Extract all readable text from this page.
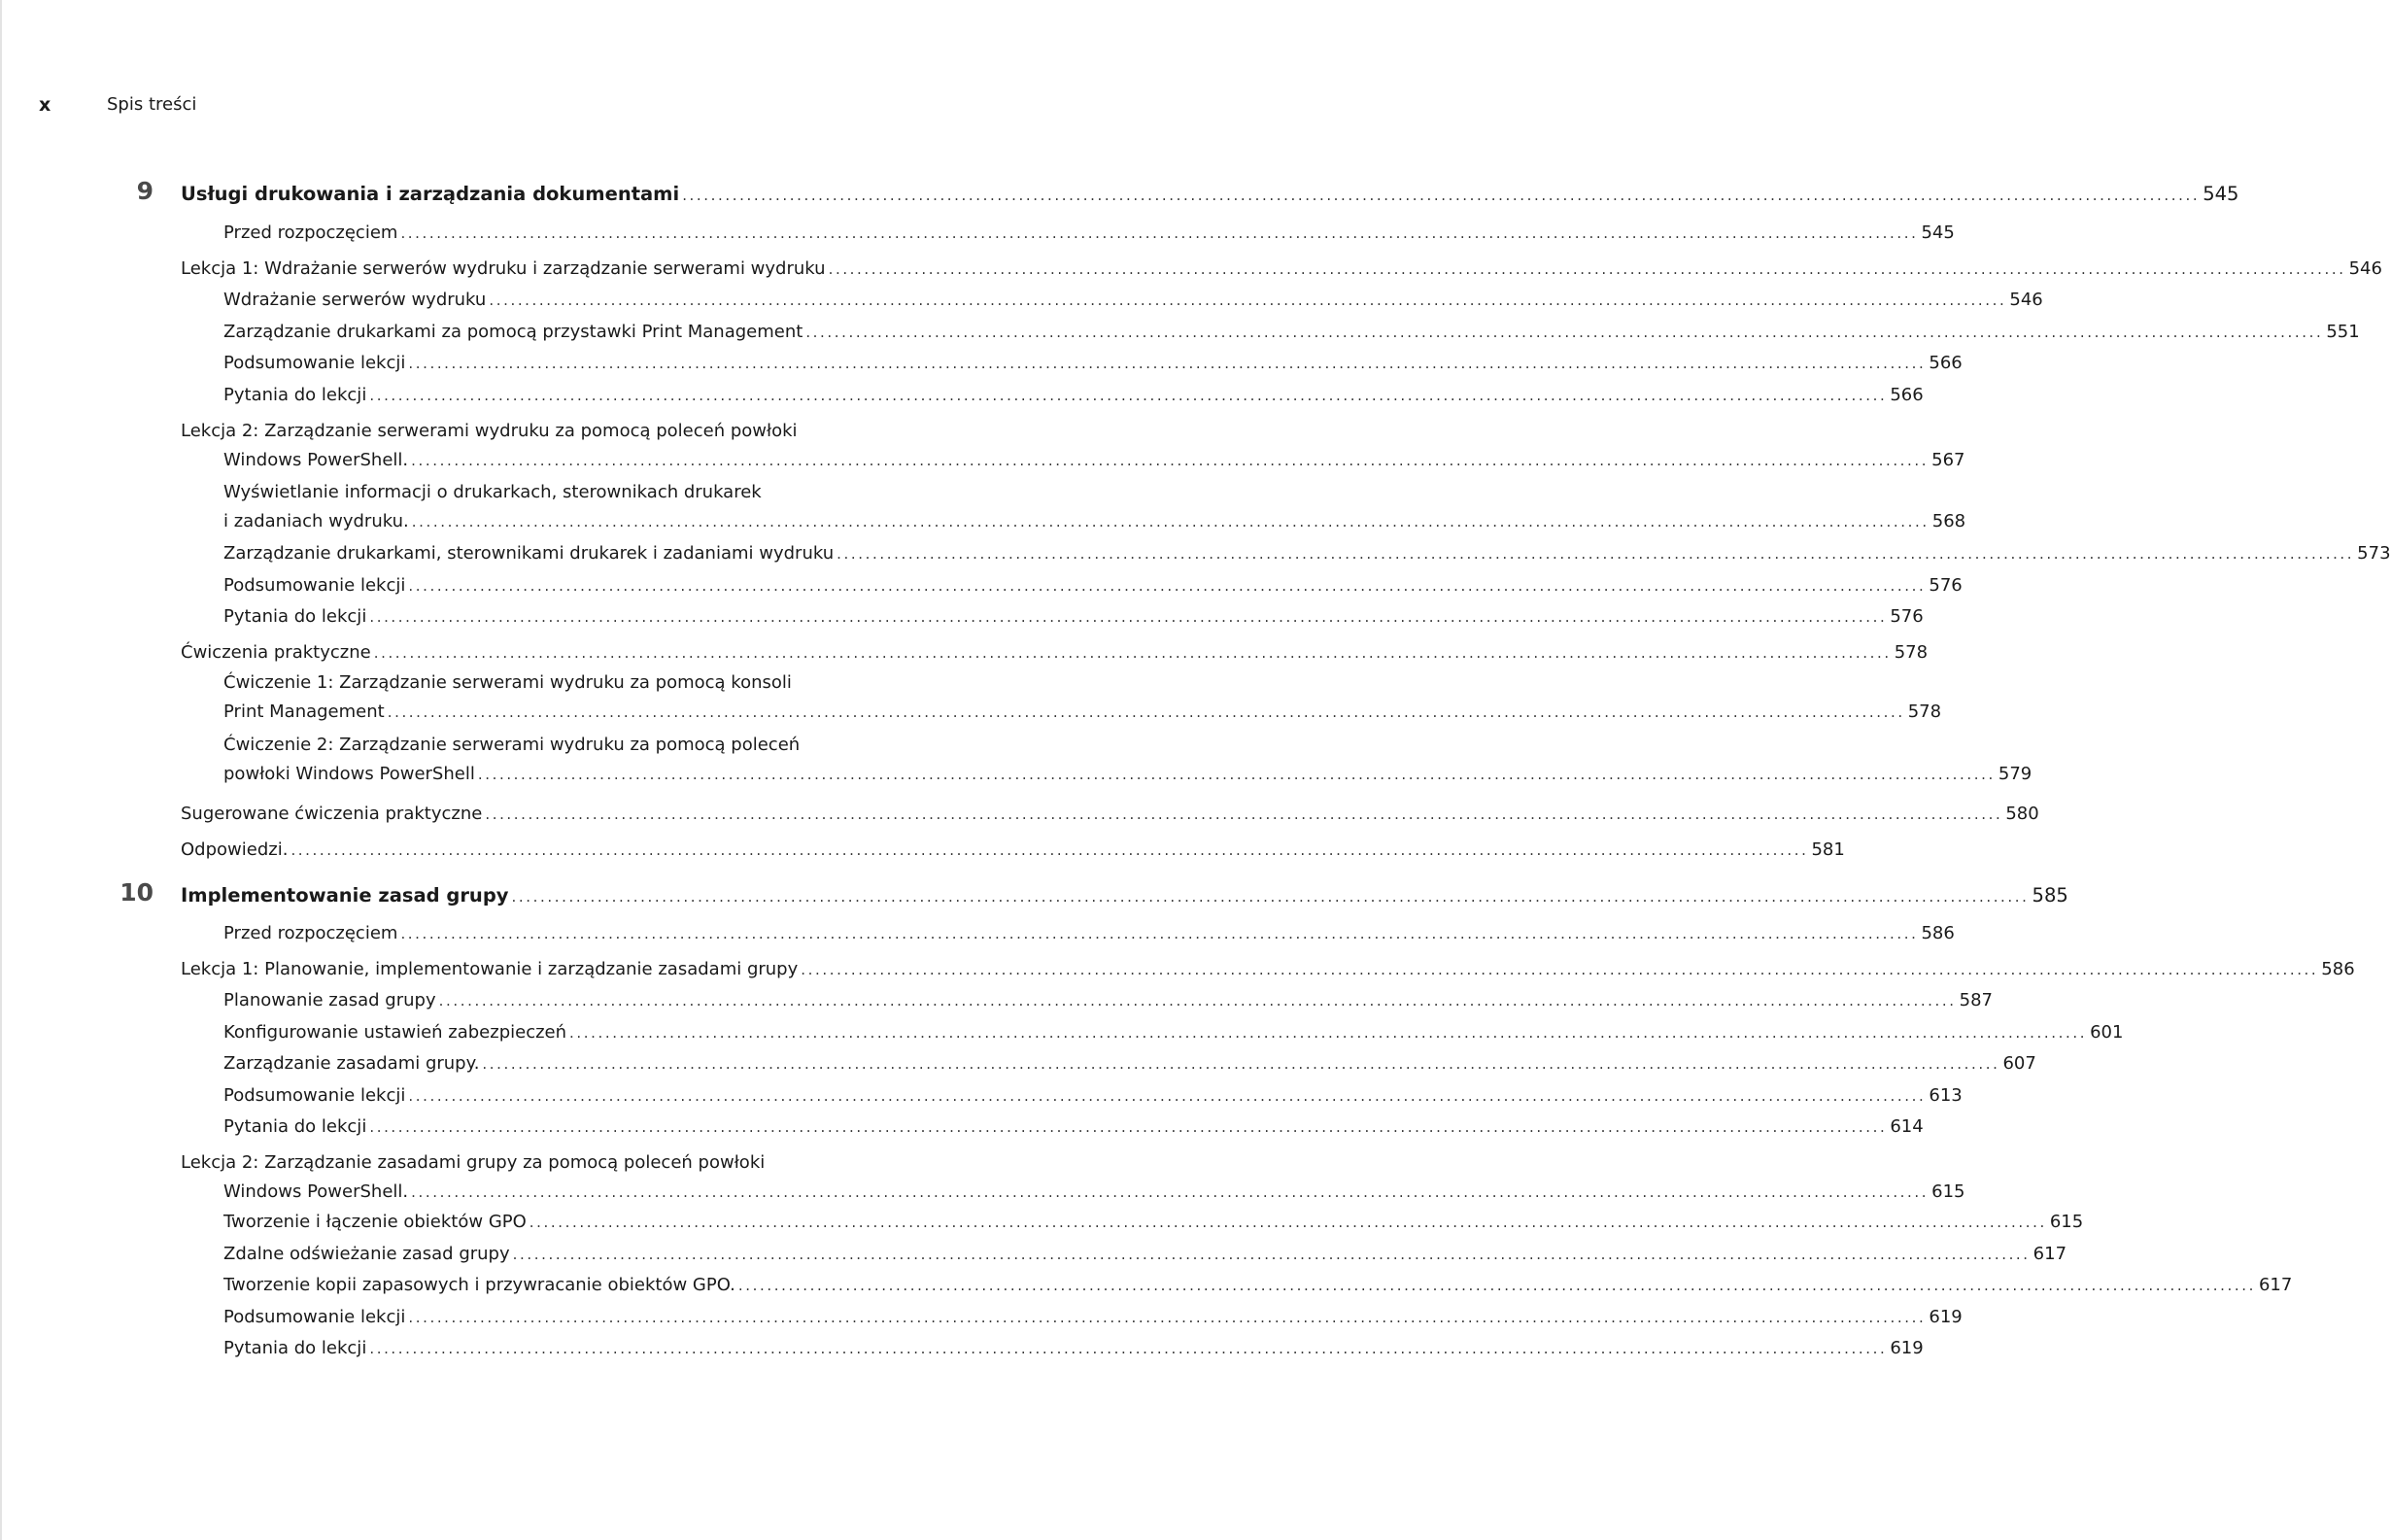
x	Spis treści
9 Usługi drukowania i zarządzania dokumentami .................................................................................................................................................................................................................... 545
Przed rozpoczęciem .................................................................................................................................................................................................................... 545
Lekcja 1: Wdrażanie serwerów wydruku i zarządzanie serwerami wydruku .................................................................................................................................................................................................................... 546
Wdrażanie serwerów wydruku .................................................................................................................................................................................................................... 546
Zarządzanie drukarkami za pomocą przystawki Print Management .................................................................................................................................................................................................................... 551
Podsumowanie lekcji .................................................................................................................................................................................................................... 566
Pytania do lekcji .................................................................................................................................................................................................................... 566
Lekcja 2: Zarządzanie serwerami wydruku za pomocą poleceń powłoki
Windows PowerShell. .................................................................................................................................................................................................................... 567
Wyświetlanie informacji o drukarkach, sterownikach drukarek
i zadaniach wydruku. .................................................................................................................................................................................................................... 568
Zarządzanie drukarkami, sterownikami drukarek i zadaniami wydruku .................................................................................................................................................................................................................... 573
Podsumowanie lekcji .................................................................................................................................................................................................................... 576
Pytania do lekcji .................................................................................................................................................................................................................... 576
Ćwiczenia praktyczne .................................................................................................................................................................................................................... 578
Ćwiczenie 1: Zarządzanie serwerami wydruku za pomocą konsoli
Print Management .................................................................................................................................................................................................................... 578
Ćwiczenie 2: Zarządzanie serwerami wydruku za pomocą poleceń
powłoki Windows PowerShell .................................................................................................................................................................................................................... 579
Sugerowane ćwiczenia praktyczne .................................................................................................................................................................................................................... 580
Odpowiedzi. .................................................................................................................................................................................................................... 581
10 Implementowanie zasad grupy .................................................................................................................................................................................................................... 585
Przed rozpoczęciem .................................................................................................................................................................................................................... 586
Lekcja 1: Planowanie, implementowanie i zarządzanie zasadami grupy .................................................................................................................................................................................................................... 586
Planowanie zasad grupy .................................................................................................................................................................................................................... 587
Konfigurowanie ustawień zabezpieczeń .................................................................................................................................................................................................................... 601
Zarządzanie zasadami grupy. .................................................................................................................................................................................................................... 607
Podsumowanie lekcji .................................................................................................................................................................................................................... 613
Pytania do lekcji .................................................................................................................................................................................................................... 614
Lekcja 2: Zarządzanie zasadami grupy za pomocą poleceń powłoki
Windows PowerShell. .................................................................................................................................................................................................................... 615
Tworzenie i łączenie obiektów GPO .................................................................................................................................................................................................................... 615
Zdalne odświeżanie zasad grupy .................................................................................................................................................................................................................... 617
Tworzenie kopii zapasowych i przywracanie obiektów GPO. .................................................................................................................................................................................................................... 617
Podsumowanie lekcji .................................................................................................................................................................................................................... 619
Pytania do lekcji .................................................................................................................................................................................................................... 619
